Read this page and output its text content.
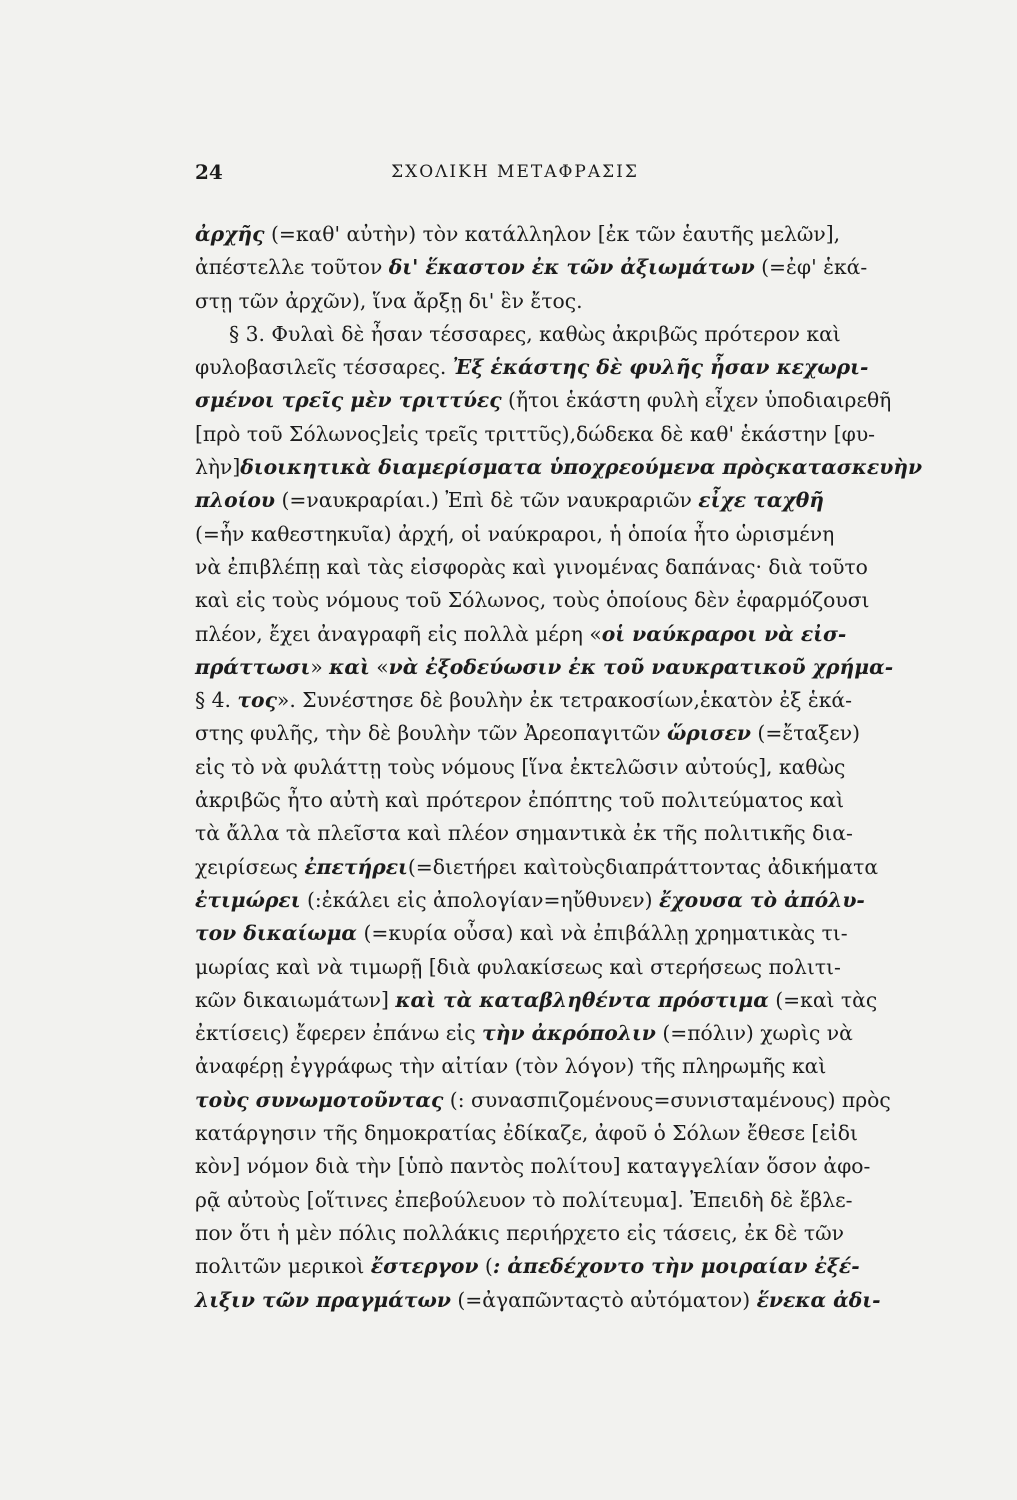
24	ΣΧΟΛΙΚΗ ΜΕΤΑΦΡΑΣΙΣ
ἀρχῆς (=καθ' αὐτὴν) τὸν κατάλληλον [ἐκ τῶν ἑαυτῆς μελῶν],
ἀπέστελλε τοῦτον δι' ἕκαστον ἐκ τῶν ἀξιωμάτων (=ἐφ' ἑκά-
στῃ τῶν ἀρχῶν), ἵνα ἄρξῃ δι' ἓν ἔτος.
§ 3. Φυλαὶ δὲ ἦσαν τέσσαρες, καθὼς ἀκριβῶς πρότερον καὶ
φυλοβασιλεῖς τέσσαρες. Ἐξ ἑκάστης δὲ φυλῆς ἦσαν κεχωρι-
σμένοι τρεῖς μὲν τριττύες (ἤτοι ἑκάστη φυλὴ εἶχεν ὑποδιαιρεθῆ
[πρὸ τοῦ Σόλωνος]εἰς τρεῖς τριττῦς),δώδεκα δὲ καθ' ἑκάστην [φυ-
λὴν]διοικητικὰ διαμερίσματα ὑποχρεούμενα πρὸςκατασκευὴν
πλοίου (=ναυκραρίαι.) Ἐπὶ δὲ τῶν ναυκραριῶν εἶχε ταχθῆ
(=ἦν καθεστηκυῖα) ἀρχή, οἱ ναύκραροι, ἡ ὁποία ἦτο ὡρισμένη
νὰ ἐπιβλέπῃ καὶ τὰς εἰσφορὰς καὶ γινομένας δαπάνας· διὰ τοῦτο
καὶ εἰς τοὺς νόμους τοῦ Σόλωνος, τοὺς ὁποίους δὲν ἐφαρμόζουσι
πλέον, ἔχει ἀναγραφῆ εἰς πολλὰ μέρη «οἱ ναύκραροι νὰ εἰσ-
πράττωσι» καὶ «νὰ ἐξοδεύωσιν ἐκ τοῦ ναυκρατικοῦ χρήμα-
§ 4. τος». Συνέστησε δὲ βουλὴν ἐκ τετρακοσίων,ἑκατὸν ἐξ ἑκά-
στης φυλῆς, τὴν δὲ βουλὴν τῶν Ἀρεοπαγιτῶν ὥρισεν (=ἔταξεν)
εἰς τὸ νὰ φυλάττῃ τοὺς νόμους [ἵνα ἐκτελῶσιν αὐτούς], καθὼς
ἀκριβῶς ἦτο αὐτὴ καὶ πρότερον ἐπόπτης τοῦ πολιτεύματος καὶ
τὰ ἄλλα τὰ πλεῖστα καὶ πλέον σημαντικὰ ἐκ τῆς πολιτικῆς δια-
χειρίσεως ἐπετήρει(=διετήρει καὶτοὺςδιαπράττοντας ἀδικήματα
ἐτιμώρει (:ἐκάλει εἰς ἀπολογίαν=ηὔθυνεν) ἔχουσα τὸ ἀπόλυ-
τον δικαίωμα (=κυρία οὖσα) καὶ νὰ ἐπιβάλλῃ χρηματικὰς τι-
μωρίας καὶ νὰ τιμωρῇ [διὰ φυλακίσεως καὶ στερήσεως πολιτι-
κῶν δικαιωμάτων] καὶ τὰ καταβληθέντα πρόστιμα (=καὶ τὰς
ἐκτίσεις) ἔφερεν ἐπάνω εἰς τὴν ἀκρόπολιν (=πόλιν) χωρὶς νὰ
ἀναφέρῃ ἐγγράφως τὴν αἰτίαν (τὸν λόγον) τῆς πληρωμῆς καὶ
τοὺς συνωμοτοῦντας (: συνασπιζομένους=συνισταμένους) πρὸς
κατάργησιν τῆς δημοκρατίας ἐδίκαζε, ἀφοῦ ὁ Σόλων ἔθεσε [εἰδι
κὸν] νόμον διὰ τὴν [ὑπὸ παντὸς πολίτου] καταγγελίαν ὅσον ἀφο-
ρᾷ αὐτοὺς [οἵτινες ἐπεβούλευον τὸ πολίτευμα]. Ἐπειδὴ δὲ ἔβλε-
πον ὅτι ἡ μὲν πόλις πολλάκις περιήρχετο εἰς τάσεις, ἐκ δὲ τῶν
πολιτῶν μερικοὶ ἔστεργον (: ἀπεδέχοντο τὴν μοιραίαν ἐξέ-
λιξιν τῶν πραγμάτων (=ἀγαπῶνταςτὸ αὐτόματον) ἕνεκα ἀδι-
